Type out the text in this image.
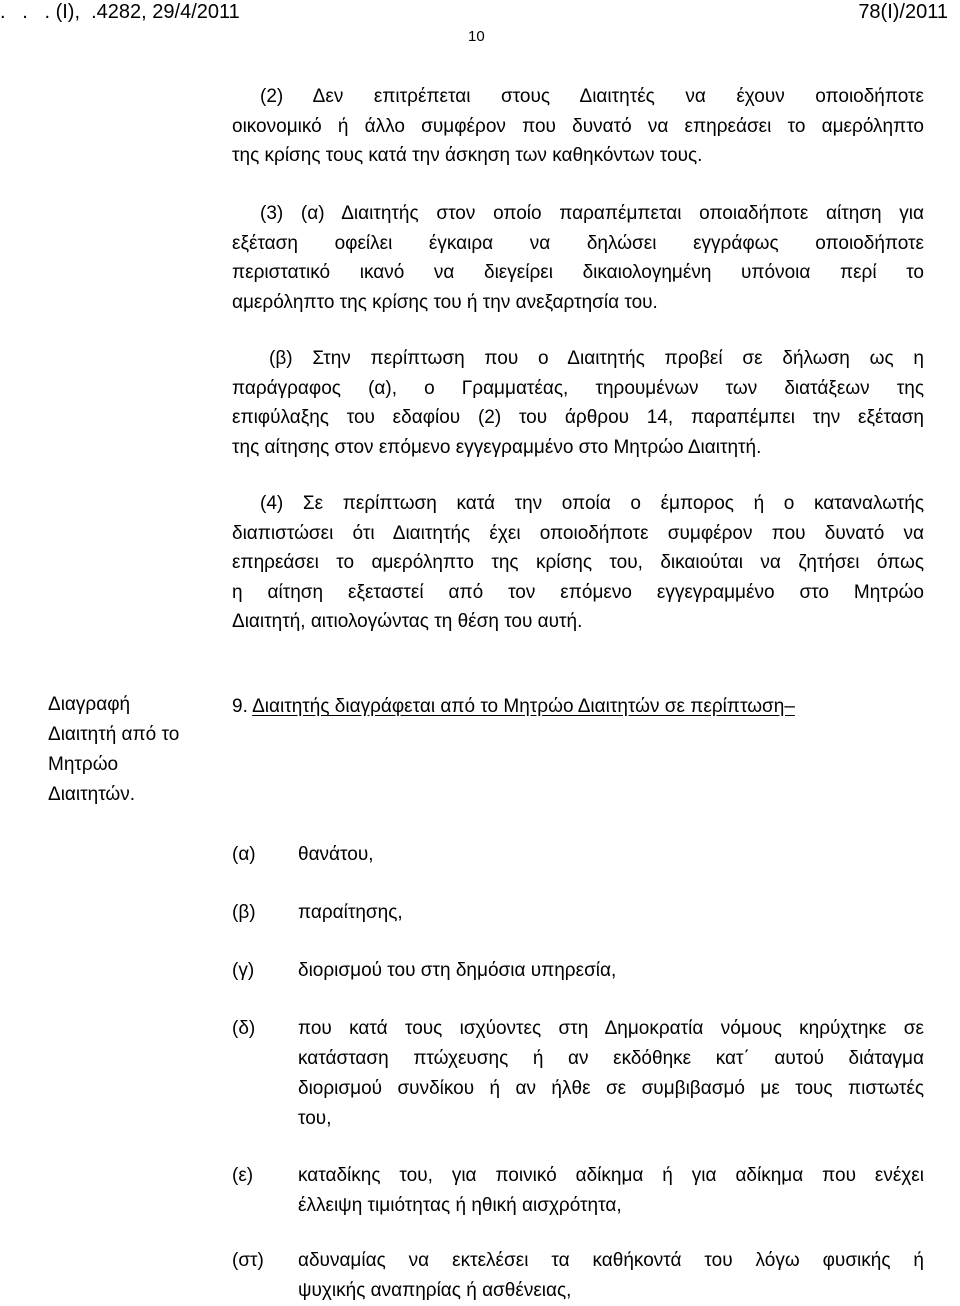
.   .   . (Ι),  .4282, 29/4/2011	78(Ι)/2011
10

(2) Δεν επιτρέπεται στους Διαιτητές να έχουν οποιοδήποτε
οικονομικό ή άλλο συμφέρον που δυνατό να επηρεάσει το αμερόληπτο
της κρίσης τους κατά την άσκηση των καθηκόντων τους.

(3) (α) Διαιτητής στον οποίο παραπέμπεται οποιαδήποτε αίτηση για
εξέταση οφείλει έγκαιρα να δηλώσει εγγράφως οποιοδήποτε
περιστατικό ικανό να διεγείρει δικαιολογημένη υπόνοια περί το
αμερόληπτο της κρίσης του ή την ανεξαρτησία του.

(β) Στην περίπτωση που ο Διαιτητής προβεί σε δήλωση ως η
παράγραφος (α), ο Γραμματέας, τηρουμένων των διατάξεων της
επιφύλαξης του εδαφίου (2) του άρθρου 14, παραπέμπει την εξέταση
της αίτησης στον επόμενο εγγεγραμμένο στο Μητρώο Διαιτητή.

(4) Σε περίπτωση κατά την οποία ο έμπορος ή ο καταναλωτής
διαπιστώσει ότι Διαιτητής έχει οποιοδήποτε συμφέρον που δυνατό να
επηρεάσει το αμερόληπτο της κρίσης του, δικαιούται να ζητήσει όπως
η αίτηση εξεταστεί από τον επόμενο εγγεγραμμένο στο Μητρώο
Διαιτητή, αιτιολογώντας τη θέση του αυτή.

Διαγραφή
Διαιτητή από το
Μητρώο
Διαιτητών.
9. Διαιτητής διαγράφεται από το Μητρώο Διαιτητών σε περίπτωση–
(α) θανάτου,
(β) παραίτησης,
(γ) διορισμού του στη δημόσια υπηρεσία,
(δ) που κατά τους ισχύοντες στη Δημοκρατία νόμους κηρύχτηκε σε
κατάσταση πτώχευσης ή αν εκδόθηκε κατ΄ αυτού διάταγμα
διορισμού συνδίκου ή αν ήλθε σε συμβιβασμό με τους πιστωτές
του,
(ε) καταδίκης του, για ποινικό αδίκημα ή για αδίκημα που ενέχει
έλλειψη τιμιότητας ή ηθική αισχρότητα,
(στ) αδυναμίας να εκτελέσει τα καθήκοντά του λόγω φυσικής ή
ψυχικής αναπηρίας ή ασθένειας,
